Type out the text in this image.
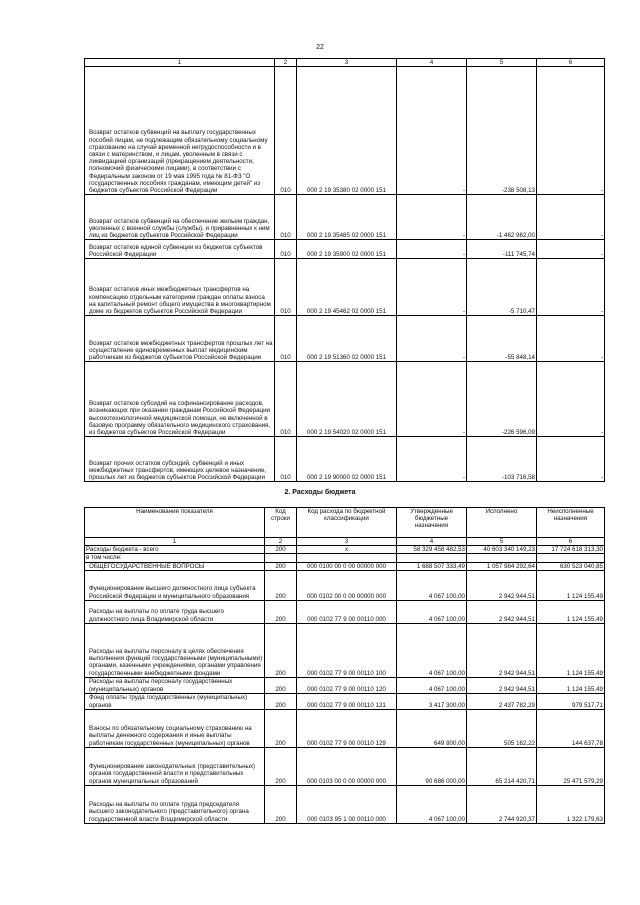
22
1	2	3	4	5	6
Возврат остатков субвенций на выплату государственных пособий лицам, не подлежащим обязательному социальному страхованию на случай временной нетрудоспособности и в связи с материнством, и лицам, уволенным в связи с ликвидацией организаций (прекращением деятельности, полномочий физическими лицами), в соответствии с Федеральным законом от 19 мая 1995 года № 81-ФЗ "О государственных пособиях гражданам, имеющим детей" из бюджетов субъектов Российской Федерации	010	000 2 19 35380 02 0000 151	-	-238 508,13	-
Возврат остатков субвенций на обеспечение жильем граждан, уволенных с военной службы (службы), и приравненных к ним лиц из бюджетов субъектов Российской Федерации	010	000 2 19 35485 02 0000 151	-	-1 462 962,00	-
Возврат остатков единой субвенции из бюджетов субъектов Российской Федерации	010	000 2 19 35900 02 0000 151	-	-111 745,74	-
Возврат остатков иных межбюджетных трансфертов на компенсацию отдельным категориям граждан оплаты взноса на капитальный ремонт общего имущества в многоквартирном доме из бюджетов субъектов Российской Федерации	010	000 2 19 45462 02 0000 151	-	-5 710,47	-
Возврат остатков межбюджетных трансфертов прошлых лет на осуществление единовременных выплат медицинским работникам из бюджетов субъектов Российской Федерации	010	000 2 19 51360 02 0000 151	-	-55 848,14	-
Возврат остатков субсидий на софинансирование расходов, возникающих при оказании гражданам Российской Федерации высокотехнологичной медицинской помощи, не включенной в базовую программу обязательного медицинского страхования, из бюджетов субъектов Российской Федерации	010	000 2 19 54020 02 0000 151	-	-226 596,09	-
Возврат прочих остатков субсидий, субвенций и иных межбюджетных трансфертов, имеющих целевое назначение, прошлых лет из бюджетов субъектов Российской Федерации	010	000 2 19 90000 02 0000 151	-	-103 716,58	-
2. Расходы бюджета
Наименование показателя	Код строки	Код расхода по бюджетной классификации	Утвержденные бюджетные назначения	Исполнено	Неисполненные назначения
1	2	3	4	5	6
Расходы бюджета - всего	200	x	58 329 458 482,53	40 603 340 149,23	17 724 618 313,30
в том числе:					
ОБЩЕГОСУДАРСТВЕННЫЕ ВОПРОСЫ	200	000 0100 00 0 00 00000 000	1 688 507 333,49	1 057 984 292,64	630 523 040,85
Функционирование высшего должностного лица субъекта Российской Федерации и муниципального образования	200	000 0102 00 0 00 00000 000	4 067 100,00	2 942 944,51	1 124 155,49
Расходы на выплаты по оплате труда высшего должностного лица Владимирской области	200	000 0102 77 9 00 00110 000	4 067 100,00	2 942 944,51	1 124 155,49
Расходы на выплаты персоналу в целях обеспечения выполнения функций государственными (муниципальными) органами, казенными учреждениями, органами управления государственными внебюджетными фондами	200	000 0102 77 9 00 00110 100	4 067 100,00	2 942 944,51	1 124 155,49
Расходы на выплаты персоналу государственных (муниципальных) органов	200	000 0102 77 9 00 00110 120	4 067 100,00	2 942 944,51	1 124 155,49
Фонд оплаты труда государственных (муниципальных) органов	200	000 0102 77 9 00 00110 121	3 417 300,00	2 437 782,29	979 517,71
Взносы по обязательному социальному страхованию на выплаты денежного содержания и иные выплаты работникам государственных (муниципальных) органов	200	000 0102 77 9 00 00110 129	649 800,00	505 162,22	144 637,78
Функционирование законодательных (представительных) органов государственной власти и представительных органов муниципальных образований	200	000 0103 00 0 00 00000 000	90 686 000,00	65 214 420,71	25 471 579,29
Расходы на выплаты по оплате труда председателя высшего законодательного (представительного) органа государственной власти Владимирской области	200	000 0103 95 1 00 00110 000	4 067 100,00	2 744 920,37	1 322 179,63
